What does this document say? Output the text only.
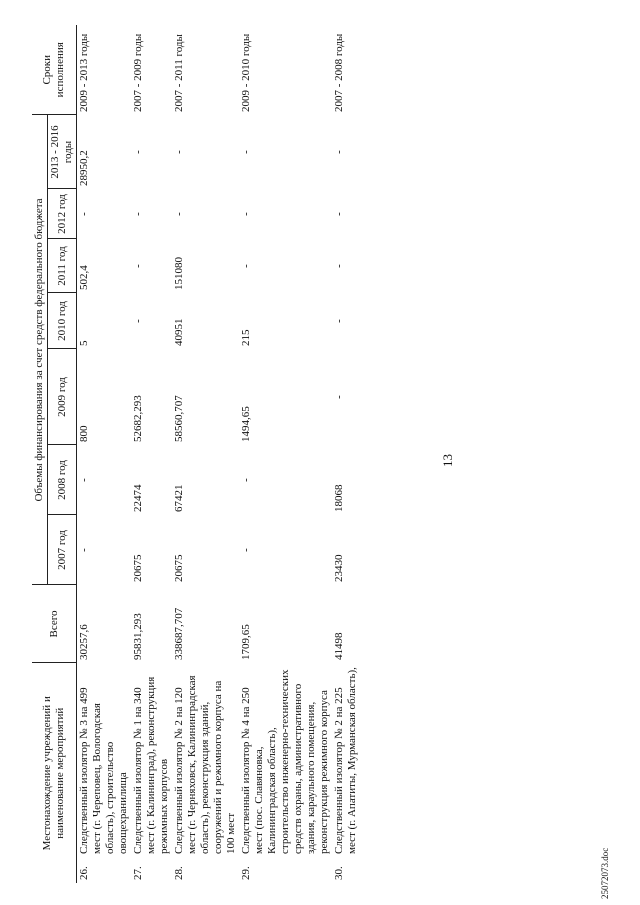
13
Местонахождение учреждений и наименование мероприятий		Всего	Объемы финансирования за счет средств федерального бюджета							Сроки исполнения
			2007 год	2008 год	2009 год	2010 год	2011 год	2012 год	2013 - 2016 годы	
26.	Следственный изолятор № 3 на 499 мест (г. Череповец, Вологодская область), строительство овощехранилища	30257,6	-	-	800	5	502,4	-	28950,2	2009 - 2013 годы
27.	Следственный изолятор № 1 на 340 мест (г. Калининград), реконструкция режимных корпусов	95831,293	20675	22474	52682,293	-	-	-	-	2007 - 2009 годы
28.	Следственный изолятор № 2 на 120 мест (г. Черняховск, Калининградская область), реконструкция зданий, сооружений и режимного корпуса на 100 мест	338687,707	20675	67421	58560,707	40951	151080	-	-	2007 - 2011 годы
29.	Следственный изолятор № 4 на 250 мест (пос. Славяновка, Калининградская область), строительство инженерно-технических средств охраны, административного здания, караульного помещения, реконструкция режимного корпуса	1709,65	-	-	1494,65	215	-	-	-	2009 - 2010 годы
30.	Следственный изолятор № 2 на 225 мест (г. Апатиты, Мурманская область),	41498	23430	18068	-	-	-	-	-	2007 - 2008 годы
25072073.doc
